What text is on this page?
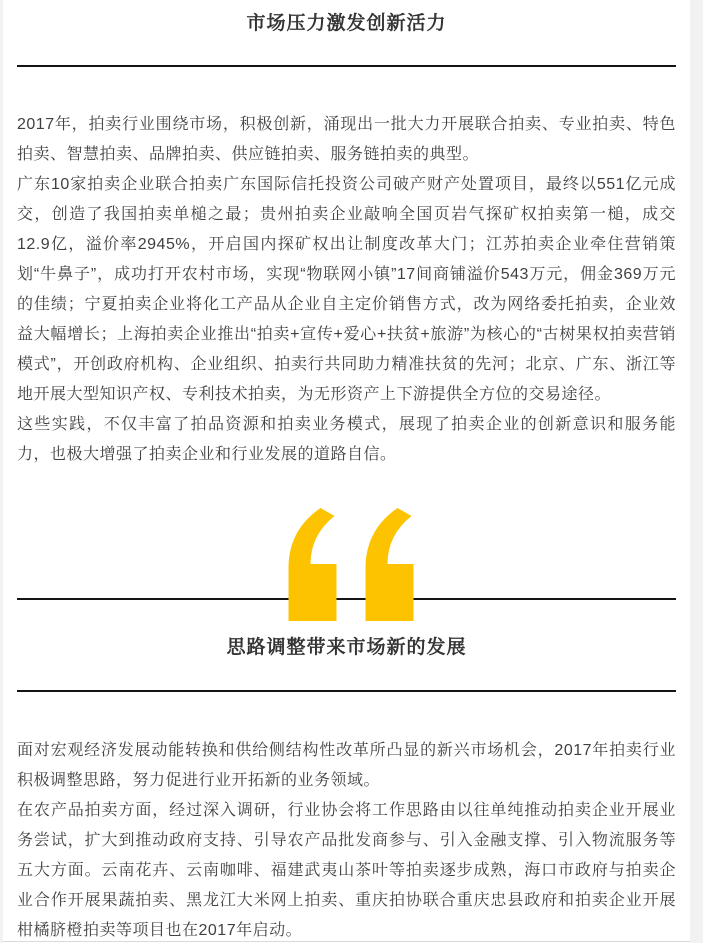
市场压力激发创新活力

2017年，拍卖行业围绕市场，积极创新，涌现出一批大力开展联合拍卖、专业拍卖、特色拍卖、智慧拍卖、品牌拍卖、供应链拍卖、服务链拍卖的典型。

广东10家拍卖企业联合拍卖广东国际信托投资公司破产财产处置项目，最终以551亿元成交，创造了我国拍卖单槌之最；贵州拍卖企业敲响全国页岩气探矿权拍卖第一槌，成交12.9亿，溢价率2945%，开启国内探矿权出让制度改革大门；江苏拍卖企业牵住营销策划“牛鼻子”，成功打开农村市场，实现“物联网小镇”17间商铺溢价543万元，佣金369万元的佳绩；宁夏拍卖企业将化工产品从企业自主定价销售方式，改为网络委托拍卖，企业效益大幅增长；上海拍卖企业推出“拍卖+宣传+爱心+扶贫+旅游”为核心的“古树果权拍卖营销模式”，开创政府机构、企业组织、拍卖行共同助力精准扶贫的先河；北京、广东、浙江等地开展大型知识产权、专利技术拍卖，为无形资产上下游提供全方位的交易途径。

这些实践，不仅丰富了拍品资源和拍卖业务模式，展现了拍卖企业的创新意识和服务能力，也极大增强了拍卖企业和行业发展的道路自信。

思路调整带来市场新的发展

面对宏观经济发展动能转换和供给侧结构性改革所凸显的新兴市场机会，2017年拍卖行业积极调整思路，努力促进行业开拓新的业务领域。

在农产品拍卖方面，经过深入调研，行业协会将工作思路由以往单纯推动拍卖企业开展业务尝试，扩大到推动政府支持、引导农产品批发商参与、引入金融支撑、引入物流服务等五大方面。云南花卉、云南咖啡、福建武夷山茶叶等拍卖逐步成熟，海口市政府与拍卖企业合作开展果蔬拍卖、黑龙江大米网上拍卖、重庆拍协联合重庆忠县政府和拍卖企业开展柑橘脐橙拍卖等项目也在2017年启动。
